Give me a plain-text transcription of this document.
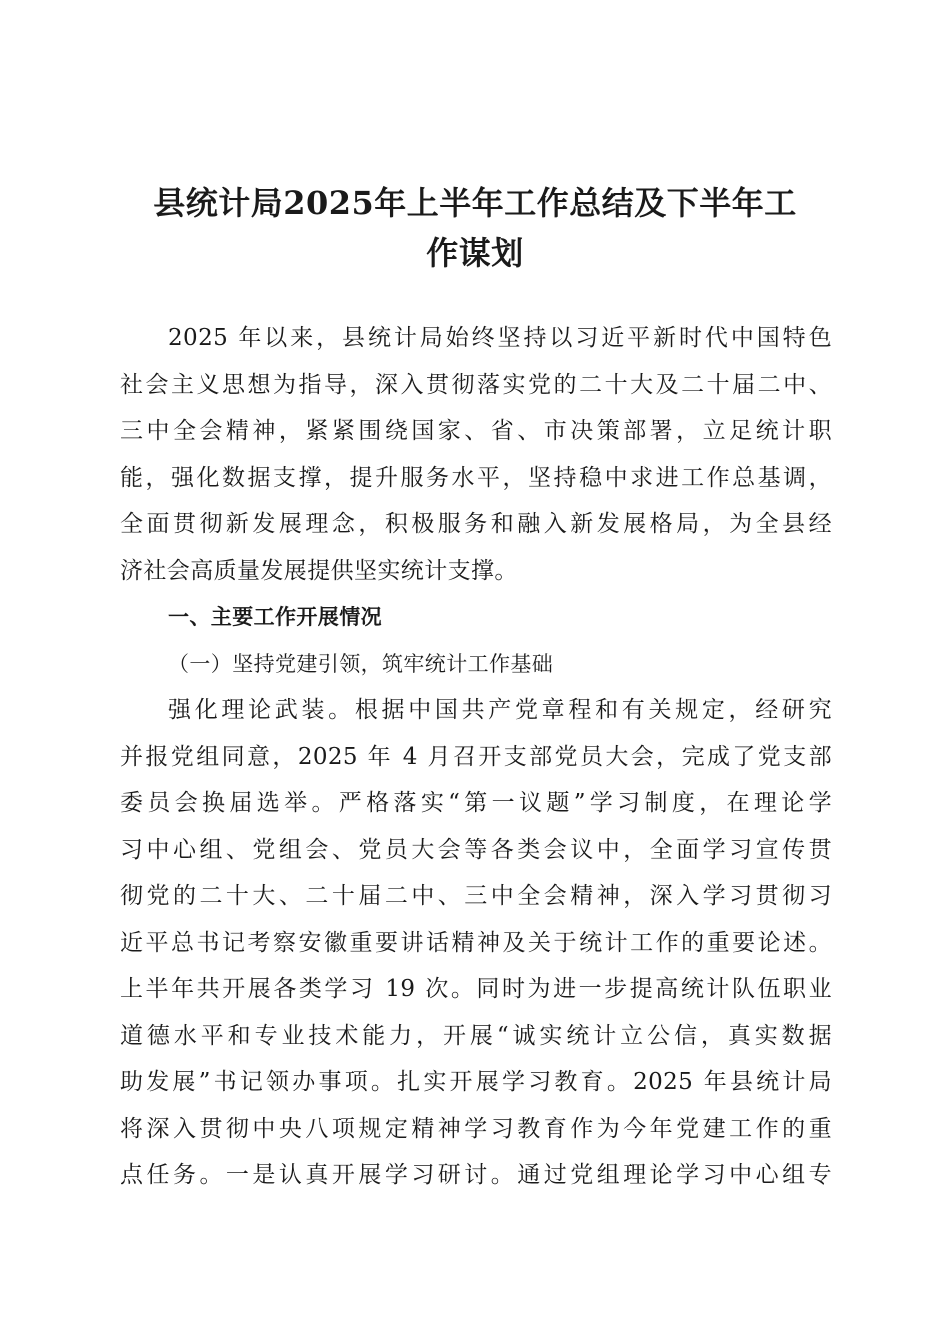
县统计局2025年上半年工作总结及下半年工
作谋划
2025 年以来，县统计局始终坚持以习近平新时代中国特色
社会主义思想为指导，深入贯彻落实党的二十大及二十届二中、
三中全会精神，紧紧围绕国家、省、市决策部署，立足统计职
能，强化数据支撑，提升服务水平，坚持稳中求进工作总基调，
全面贯彻新发展理念，积极服务和融入新发展格局，为全县经
济社会高质量发展提供坚实统计支撑。
一、主要工作开展情况
（一）坚持党建引领，筑牢统计工作基础
强化理论武装。根据中国共产党章程和有关规定，经研究
并报党组同意，2025 年 4 月召开支部党员大会，完成了党支部
委员会换届选举。严格落实“第一议题”学习制度，在理论学
习中心组、党组会、党员大会等各类会议中，全面学习宣传贯
彻党的二十大、二十届二中、三中全会精神，深入学习贯彻习
近平总书记考察安徽重要讲话精神及关于统计工作的重要论述。
上半年共开展各类学习 19 次。同时为进一步提高统计队伍职业
道德水平和专业技术能力，开展“诚实统计立公信，真实数据
助发展”书记领办事项。扎实开展学习教育。2025 年县统计局
将深入贯彻中央八项规定精神学习教育作为今年党建工作的重
点任务。一是认真开展学习研讨。通过党组理论学习中心组专
